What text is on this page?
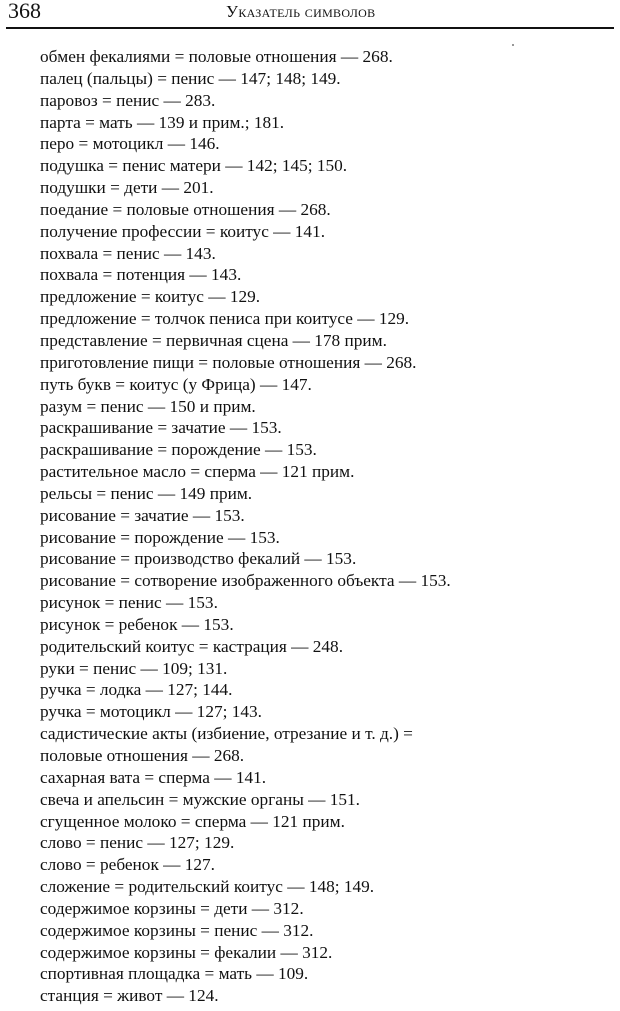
368	Указатель символов
обмен фекалиями = половые отношения — 268.
палец (пальцы) = пенис — 147; 148; 149.
паровоз = пенис — 283.
парта = мать — 139 и прим.; 181.
перо = мотоцикл — 146.
подушка = пенис матери — 142; 145; 150.
подушки = дети — 201.
поедание = половые отношения — 268.
получение профессии = коитус — 141.
похвала = пенис — 143.
похвала = потенция — 143.
предложение = коитус — 129.
предложение = толчок пениса при коитусе — 129.
представление = первичная сцена — 178 прим.
приготовление пищи = половые отношения — 268.
путь букв = коитус (у Фрица) — 147.
разум = пенис — 150 и прим.
раскрашивание = зачатие — 153.
раскрашивание = порождение — 153.
растительное масло = сперма — 121 прим.
рельсы = пенис — 149 прим.
рисование = зачатие — 153.
рисование = порождение — 153.
рисование = производство фекалий — 153.
рисование = сотворение изображенного объекта — 153.
рисунок = пенис — 153.
рисунок = ребенок — 153.
родительский коитус = кастрация — 248.
руки = пенис — 109; 131.
ручка = лодка — 127; 144.
ручка = мотоцикл — 127; 143.
садистические акты (избиение, отрезание и т. д.) =
половые отношения — 268.
сахарная вата = сперма — 141.
свеча и апельсин = мужские органы — 151.
сгущенное молоко = сперма — 121 прим.
слово = пенис — 127; 129.
слово = ребенок — 127.
сложение = родительский коитус — 148; 149.
содержимое корзины = дети — 312.
содержимое корзины = пенис — 312.
содержимое корзины = фекалии — 312.
спортивная площадка = мать — 109.
станция = живот — 124.
